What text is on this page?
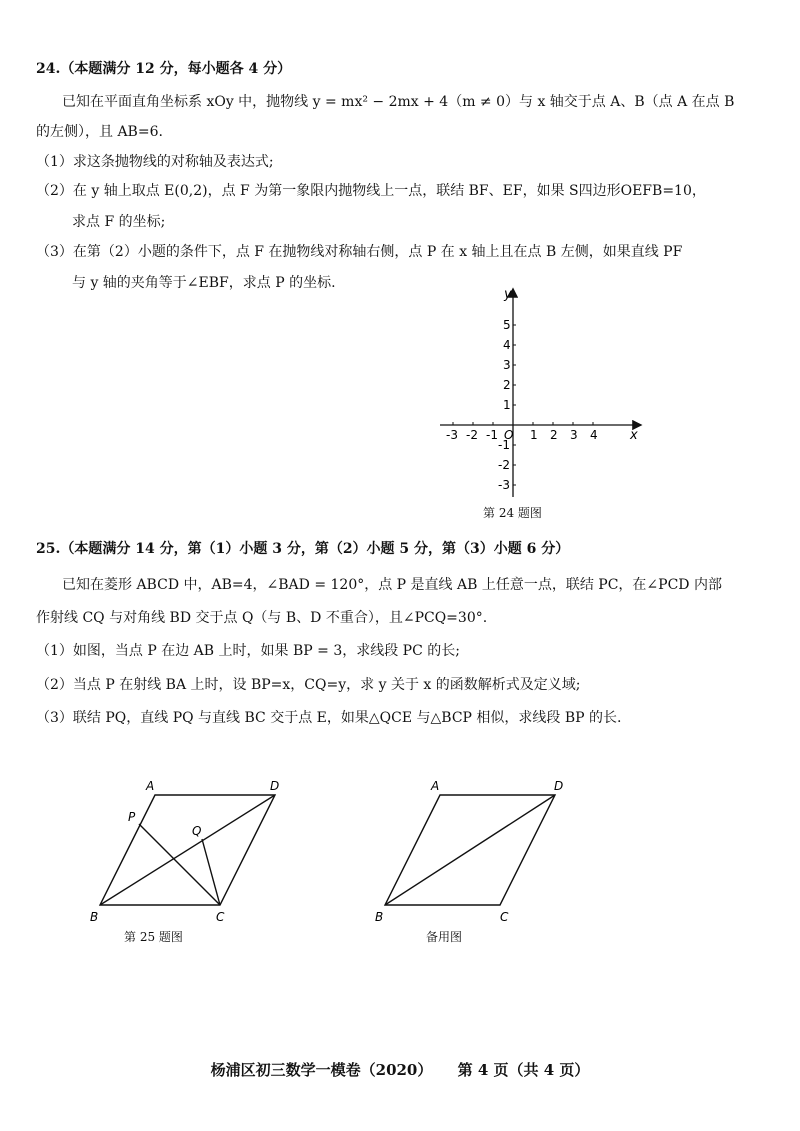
24.（本题满分 12 分，每小题各 4 分）
已知在平面直角坐标系 xOy 中，抛物线 y = mx² − 2mx + 4（m ≠ 0）与 x 轴交于点 A、B（点 A 在点 B
的左侧），且 AB=6.
（1）求这条抛物线的对称轴及表达式;
（2）在 y 轴上取点 E(0,2)，点 F 为第一象限内抛物线上一点，联结 BF、EF，如果 S四边形OEFB=10，
求点 F 的坐标;
（3）在第（2）小题的条件下，点 F 在抛物线对称轴右侧，点 P 在 x 轴上且在点 B 左侧，如果直线 PF
与 y 轴的夹角等于∠EBF，求点 P 的坐标.
-3 -2 -1	1 2 3 4
5
4
3
2
1
-1
-2
-3
x
y
O
第 24 题图
25.（本题满分 14 分，第（1）小题 3 分，第（2）小题 5 分，第（3）小题 6 分）
已知在菱形 ABCD 中，AB=4，∠BAD = 120°，点 P 是直线 AB 上任意一点，联结 PC，在∠PCD 内部
作射线 CQ 与对角线 BD 交于点 Q（与 B、D 不重合），且∠PCQ=30°.
（1）如图，当点 P 在边 AB 上时，如果 BP = 3，求线段 PC 的长;
（2）当点 P 在射线 BA 上时，设 BP=x，CQ=y，求 y 关于 x 的函数解析式及定义域;
（3）联结 PQ，直线 PQ 与直线 BC 交于点 E，如果△QCE 与△BCP 相似，求线段 BP 的长.
A	D
P
Q
B	C
第 25 题图
A	D
B	C
备用图
杨浦区初三数学一模卷（2020） 第 4 页（共 4 页）
